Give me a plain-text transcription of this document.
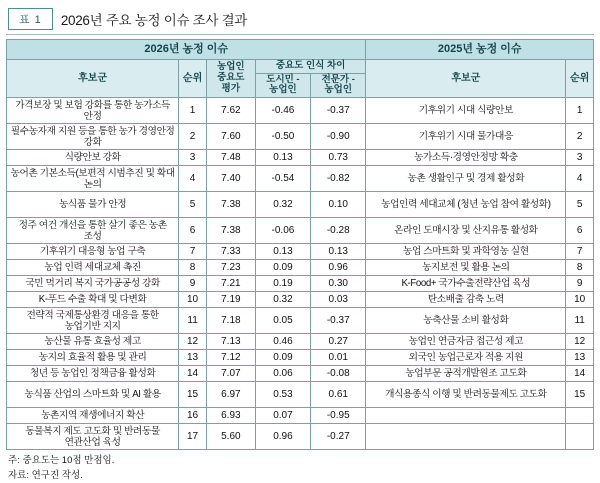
표 1	2026년 주요 농정 이슈 조사 결과
2026년 농정 이슈					2025년 농정 이슈	
후보군	순위	농업인 중요도 평가	중요도 인식 차이		후보군	순위
			도시민 -농업인	전문가 -농업인		
가격보장 및 보험 강화를 통한 농가소득 안정	1	7.62	-0.46	-0.37	기후위기 시대 식량안보	1
필수농자재 지원 등을 통한 농가 경영안정 강화	2	7.60	-0.50	-0.90	기후위기 시대 물가대응	2
식량안보 강화	3	7.48	0.13	0.73	농가소득·경영안정망 확충	3
농어촌 기본소득(보편적 시범추진 및 확대 논의	4	7.40	-0.54	-0.82	농촌 생활인구 및 경제 활성화	4
농식품 물가 안정	5	7.38	0.32	0.10	농업인력 세대교체 (청년 농업 참여 활성화)	5
정주 여건 개선을 통한 살기 좋은 농촌 조성	6	7.38	-0.06	-0.28	온라인 도매시장 및 산지유통 활성화	6
기후위기 대응형 농업 구축	7	7.33	0.13	0.13	농업 스마트화 및 과학영농 실현	7
농업 인력 세대교체 촉진	8	7.23	0.09	0.96	농지보전 및 활용 논의	8
국민 먹거리 복지 국가공공성 강화	9	7.21	0.19	0.30	K-Food+ 국가수출전략산업 육성	9
K-푸드 수출 확대 및 다변화	10	7.19	0.32	0.03	탄소배출 감축 노력	10
전략적 국제통상환경 대응을 통한 농업기반 지지	11	7.18	0.05	-0.37	농축산물 소비 활성화	11
농산물 유통 효율성 제고	12	7.13	0.46	0.27	농업인 연금자금 접근성 제고	12
농지의 효율적 활용 및 관리	13	7.12	0.09	0.01	외국인 농업근로자 적용 지원	13
청년 등 농업인 정책금융 활성화	14	7.07	0.06	-0.08	농업부문 공적개발원조 고도화	14
농식품 산업의 스마트화 및 AI 활용	15	6.97	0.53	0.61	개식용종식 이행 및 반려동물제도 고도화	15
농촌지역 재생에너지 확산	16	6.93	0.07	-0.95		
동물복지 제도 고도화 및 반려동물 연관산업 육성	17	5.60	0.96	-0.27		
주: 중요도는 10점 만점임.
자료: 연구진 작성.
